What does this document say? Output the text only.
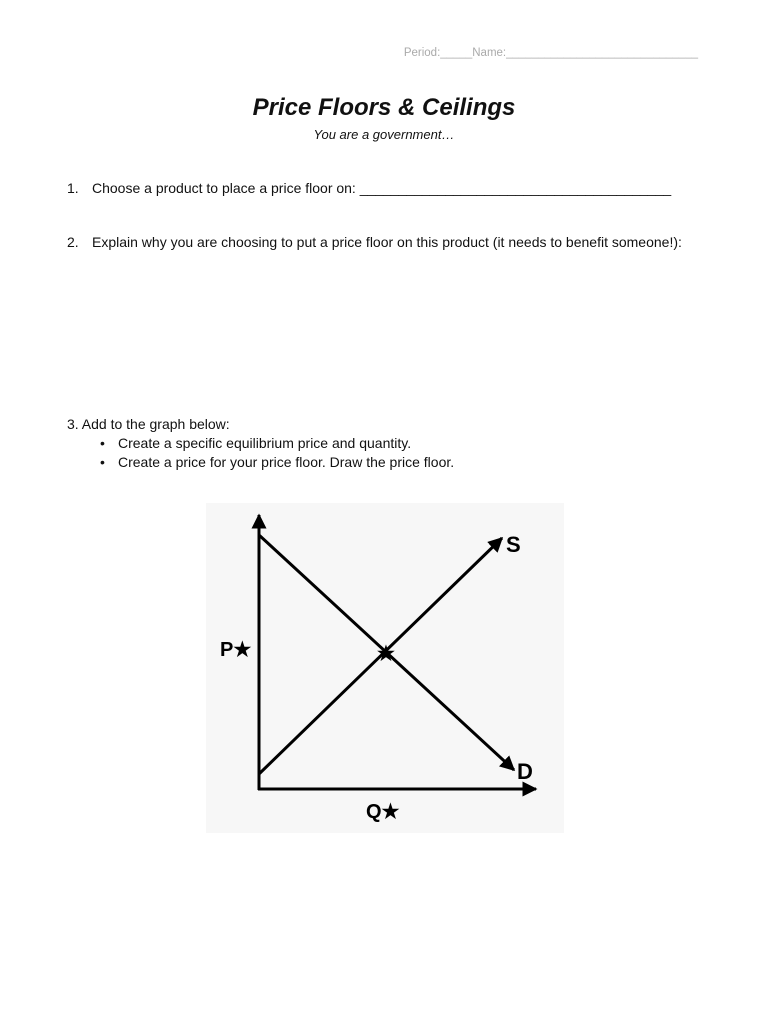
Period:_____Name:______________________________
Price Floors & Ceilings
You are a government…
1. Choose a product to place a price floor on: ________________________________________
2. Explain why you are choosing to put a price floor on this product (it needs to benefit someone!):
3. Add to the graph below:
• Create a specific equilibrium price and quantity.
• Create a price for your price floor. Draw the price floor.
S
D
P★
Q★
★
